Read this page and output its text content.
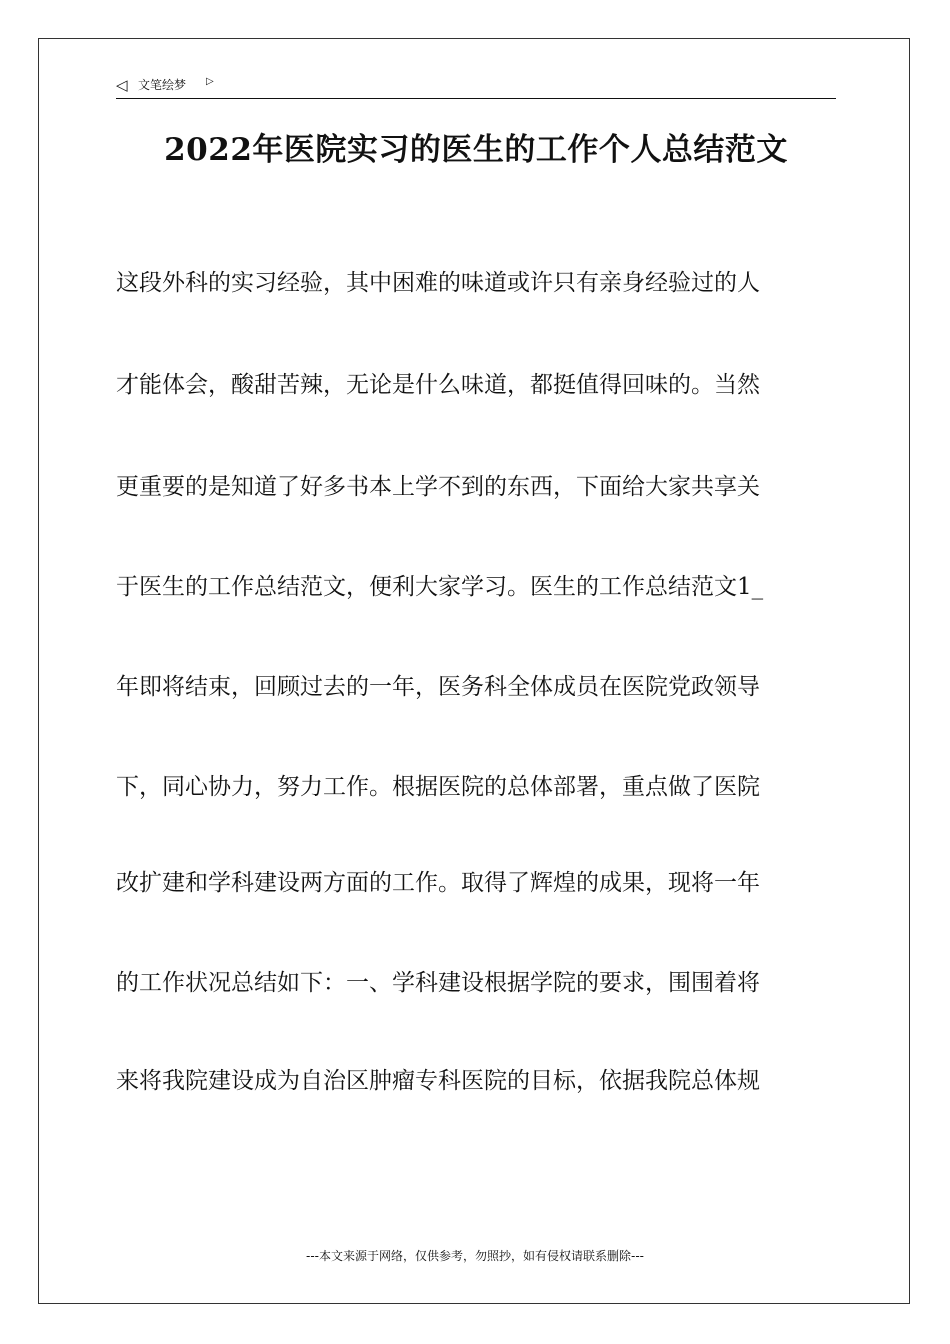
◁ 文笔绘梦 ▷
2022年医院实习的医生的工作个人总结范文
这段外科的实习经验，其中困难的味道或许只有亲身经验过的人
才能体会，酸甜苦辣，无论是什么味道，都挺值得回味的。当然
更重要的是知道了好多书本上学不到的东西，下面给大家共享关
于医生的工作总结范文，便利大家学习。医生的工作总结范文1_
年即将结束，回顾过去的一年，医务科全体成员在医院党政领导
下，同心协力，努力工作。根据医院的总体部署，重点做了医院
改扩建和学科建设两方面的工作。取得了辉煌的成果，现将一年
的工作状况总结如下：一、学科建设根据学院的要求，围围着将
来将我院建设成为自治区肿瘤专科医院的目标，依据我院总体规
---本文来源于网络，仅供参考，勿照抄，如有侵权请联系删除---
